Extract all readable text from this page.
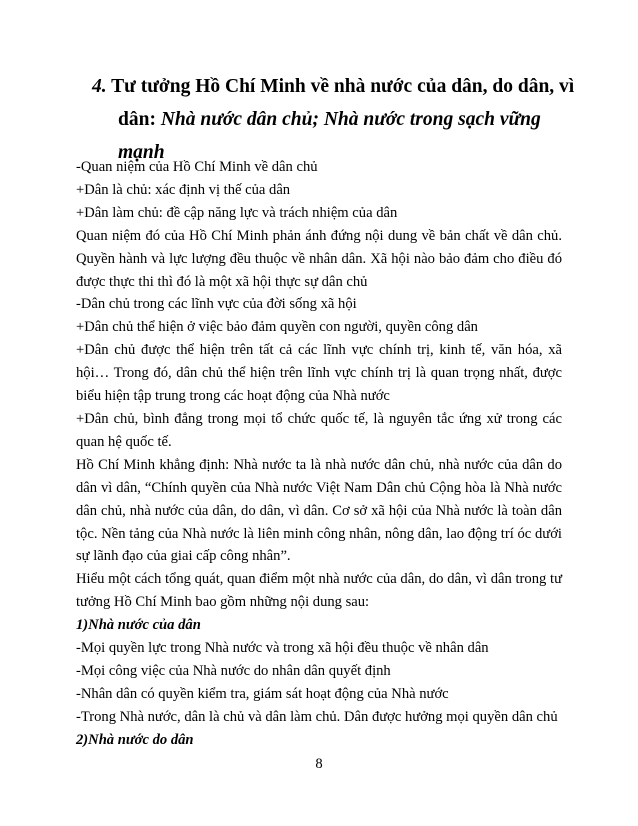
4. Tư tưởng Hồ Chí Minh về nhà nước của dân, do dân, vì
dân: Nhà nước dân chủ; Nhà nước trong sạch vững mạnh

-Quan niệm của Hồ Chí Minh về dân chủ

+Dân là chủ: xác định vị thế của dân

+Dân làm chủ: đề cập năng lực và trách nhiệm của dân

Quan niệm đó của Hồ Chí Minh phản ánh đứng nội dung về bản chất về dân chủ. Quyền hành và lực lượng đều thuộc về nhân dân. Xã hội nào bảo đảm cho điều đó được thực thi thì đó là một xã hội thực sự dân chủ

-Dân chủ trong các lĩnh vực của đời sống xã hội

+Dân chủ thể hiện ở việc bảo đảm quyền con người, quyền công dân

+Dân chủ được thể hiện trên tất cả các lĩnh vực chính trị, kinh tế, văn hóa, xã hội… Trong đó, dân chủ thể hiện trên lĩnh vực chính trị là quan trọng nhất, được biểu hiện tập trung trong các hoạt động của Nhà nước

+Dân chủ, bình đẳng trong mọi tổ chức quốc tế, là nguyên tắc ứng xử trong các quan hệ quốc tế.

Hồ Chí Minh khẳng định: Nhà nước ta là nhà nước dân chủ, nhà nước của dân do dân vì dân, “Chính quyền của Nhà nước Việt Nam Dân chủ Cộng hòa là Nhà nước dân chủ, nhà nước của dân, do dân, vì dân. Cơ sở xã hội của Nhà nước là toàn dân tộc. Nền tảng của Nhà nước là liên minh công nhân, nông dân, lao động trí óc dưới sự lãnh đạo của giai cấp công nhân”.

Hiểu một cách tổng quát, quan điểm một nhà nước của dân, do dân, vì dân trong tư tưởng Hồ Chí Minh bao gồm những nội dung sau:

1)Nhà nước của dân

-Mọi quyền lực trong Nhà nước và trong xã hội đều thuộc về nhân dân

-Mọi công việc của Nhà nước do nhân dân quyết định

-Nhân dân có quyền kiểm tra, giám sát hoạt động của Nhà nước

-Trong Nhà nước, dân là chủ và dân làm chủ. Dân được hưởng mọi quyền dân chủ

2)Nhà nước do dân

8
